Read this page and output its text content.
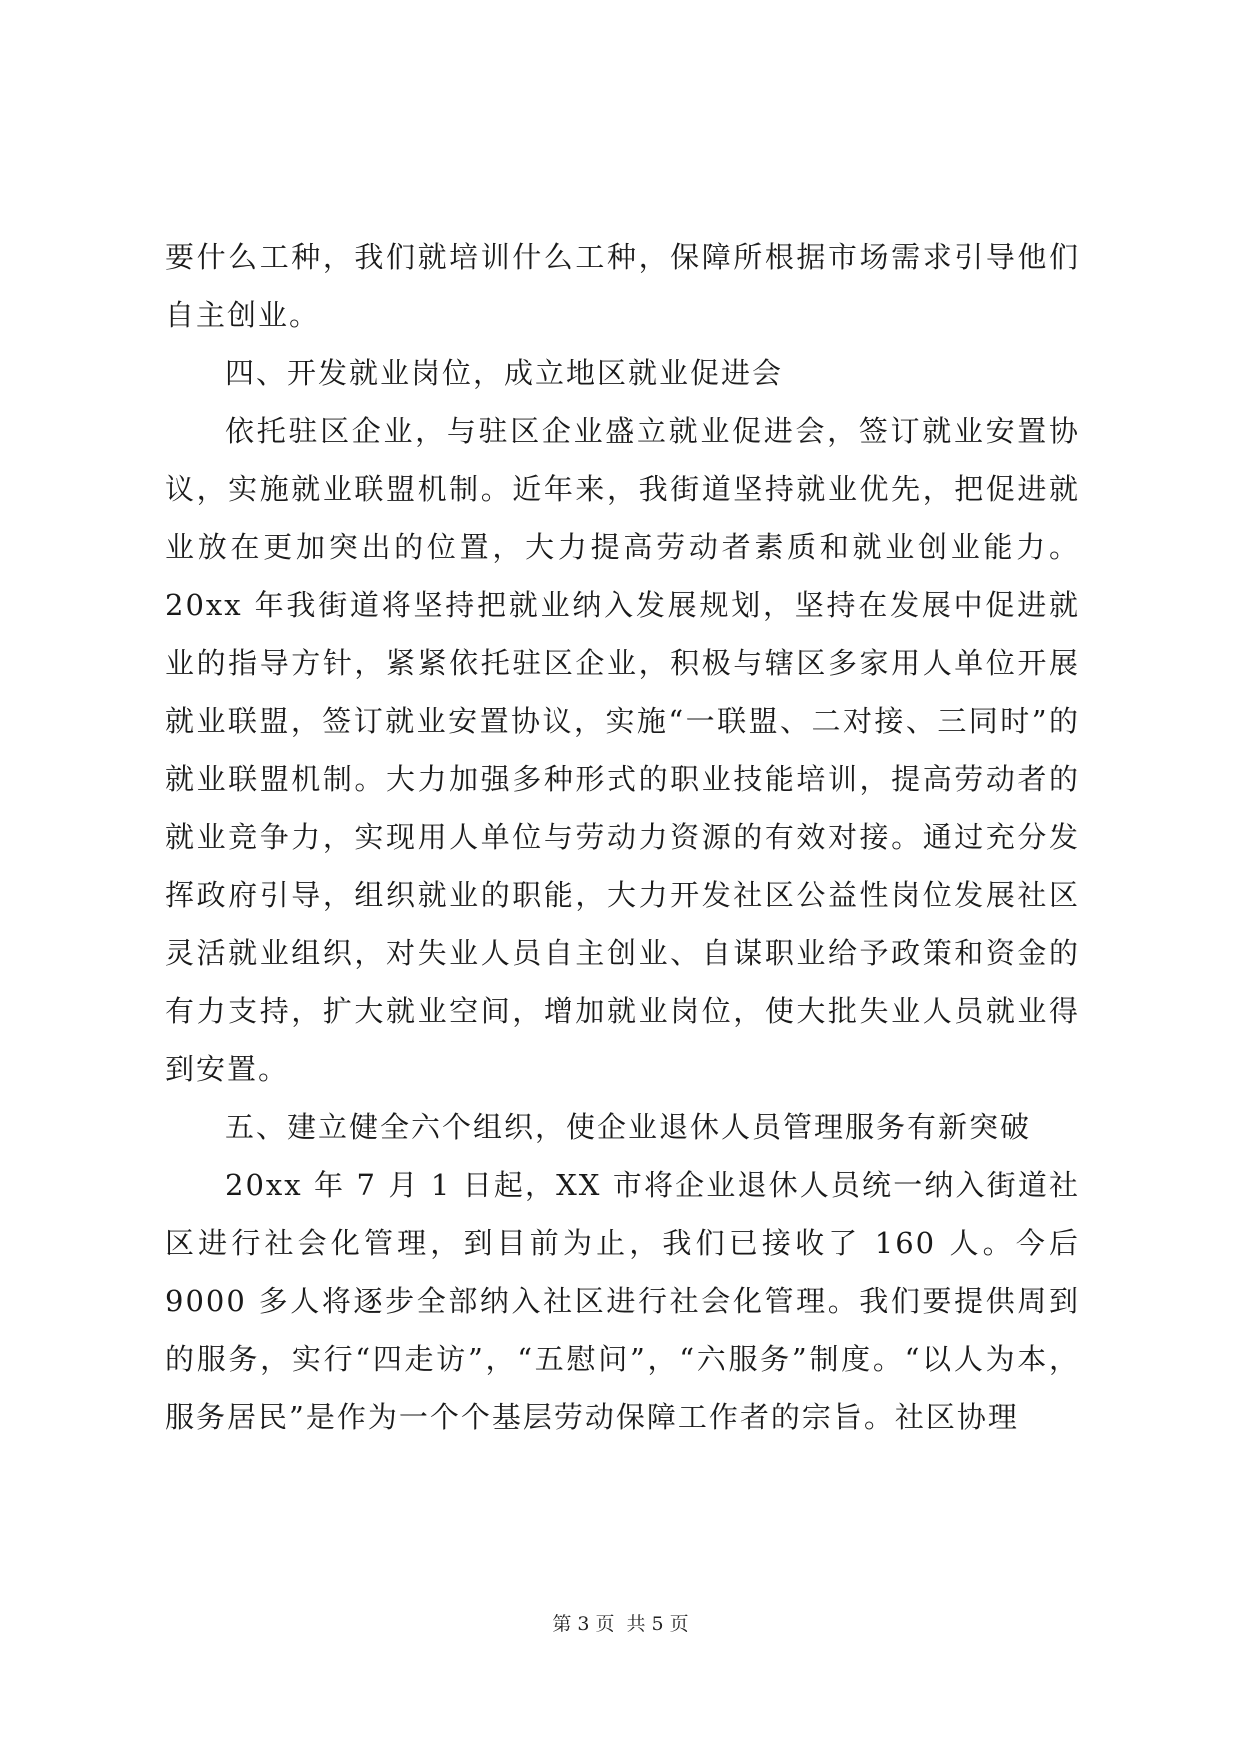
要什么工种，我们就培训什么工种，保障所根据市场需求引导他们自主创业。

四、开发就业岗位，成立地区就业促进会

依托驻区企业，与驻区企业盛立就业促进会，签订就业安置协议，实施就业联盟机制。近年来，我街道坚持就业优先，把促进就业放在更加突出的位置，大力提高劳动者素质和就业创业能力。20xx 年我街道将坚持把就业纳入发展规划，坚持在发展中促进就业的指导方针，紧紧依托驻区企业，积极与辖区多家用人单位开展就业联盟，签订就业安置协议，实施“一联盟、二对接、三同时”的就业联盟机制。大力加强多种形式的职业技能培训，提高劳动者的就业竞争力，实现用人单位与劳动力资源的有效对接。通过充分发挥政府引导，组织就业的职能，大力开发社区公益性岗位发展社区灵活就业组织，对失业人员自主创业、自谋职业给予政策和资金的有力支持，扩大就业空间，增加就业岗位，使大批失业人员就业得到安置。

五、建立健全六个组织，使企业退休人员管理服务有新突破

20xx 年 7 月 1 日起，XX 市将企业退休人员统一纳入街道社区进行社会化管理，到目前为止，我们已接收了 160 人。今后 9000 多人将逐步全部纳入社区进行社会化管理。我们要提供周到的服务，实行“四走访”，“五慰问”，“六服务”制度。“以人为本，服务居民”是作为一个个基层劳动保障工作者的宗旨。社区协理

第 3 页 共 5 页
